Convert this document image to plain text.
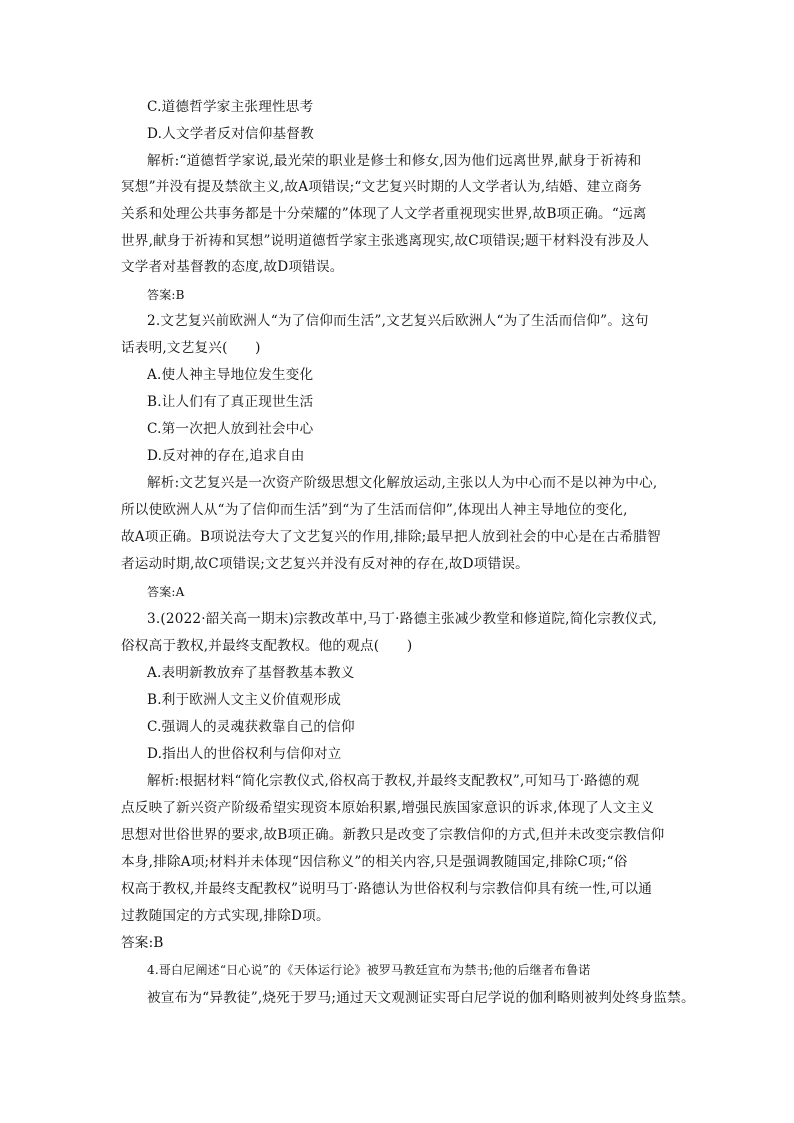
C.道德哲学家主张理性思考
D.人文学者反对信仰基督教
解析:“道德哲学家说,最光荣的职业是修士和修女,因为他们远离世界,献身于祈祷和
冥想”并没有提及禁欲主义,故A项错误;“文艺复兴时期的人文学者认为,结婚、建立商务
关系和处理公共事务都是十分荣耀的”体现了人文学者重视现实世界,故B项正确。“远离
世界,献身于祈祷和冥想”说明道德哲学家主张逃离现实,故C项错误;题干材料没有涉及人
文学者对基督教的态度,故D项错误。
答案:B
2.文艺复兴前欧洲人“为了信仰而生活”,文艺复兴后欧洲人“为了生活而信仰”。这句
话表明,文艺复兴(　　)
A.使人神主导地位发生变化
B.让人们有了真正现世生活
C.第一次把人放到社会中心
D.反对神的存在,追求自由
解析:文艺复兴是一次资产阶级思想文化解放运动,主张以人为中心而不是以神为中心,
所以使欧洲人从“为了信仰而生活”到“为了生活而信仰”,体现出人神主导地位的变化,
故A项正确。B项说法夸大了文艺复兴的作用,排除;最早把人放到社会的中心是在古希腊智
者运动时期,故C项错误;文艺复兴并没有反对神的存在,故D项错误。
答案:A
3.(2022·韶关高一期末)宗教改革中,马丁·路德主张减少教堂和修道院,简化宗教仪式,
俗权高于教权,并最终支配教权。他的观点(　　)
A.表明新教放弃了基督教基本教义
B.利于欧洲人文主义价值观形成
C.强调人的灵魂获救靠自己的信仰
D.指出人的世俗权利与信仰对立
解析:根据材料“简化宗教仪式,俗权高于教权,并最终支配教权”,可知马丁·路德的观
点反映了新兴资产阶级希望实现资本原始积累,增强民族国家意识的诉求,体现了人文主义
思想对世俗世界的要求,故B项正确。新教只是改变了宗教信仰的方式,但并未改变宗教信仰
本身,排除A项;材料并未体现“因信称义”的相关内容,只是强调教随国定,排除C项;“俗
权高于教权,并最终支配教权”说明马丁·路德认为世俗权利与宗教信仰具有统一性,可以通
过教随国定的方式实现,排除D项。
答案:B
4.哥白尼阐述“日心说”的《天体运行论》被罗马教廷宣布为禁书;他的后继者布鲁诺
被宣布为“异教徒”,烧死于罗马;通过天文观测证实哥白尼学说的伽利略则被判处终身监禁。
